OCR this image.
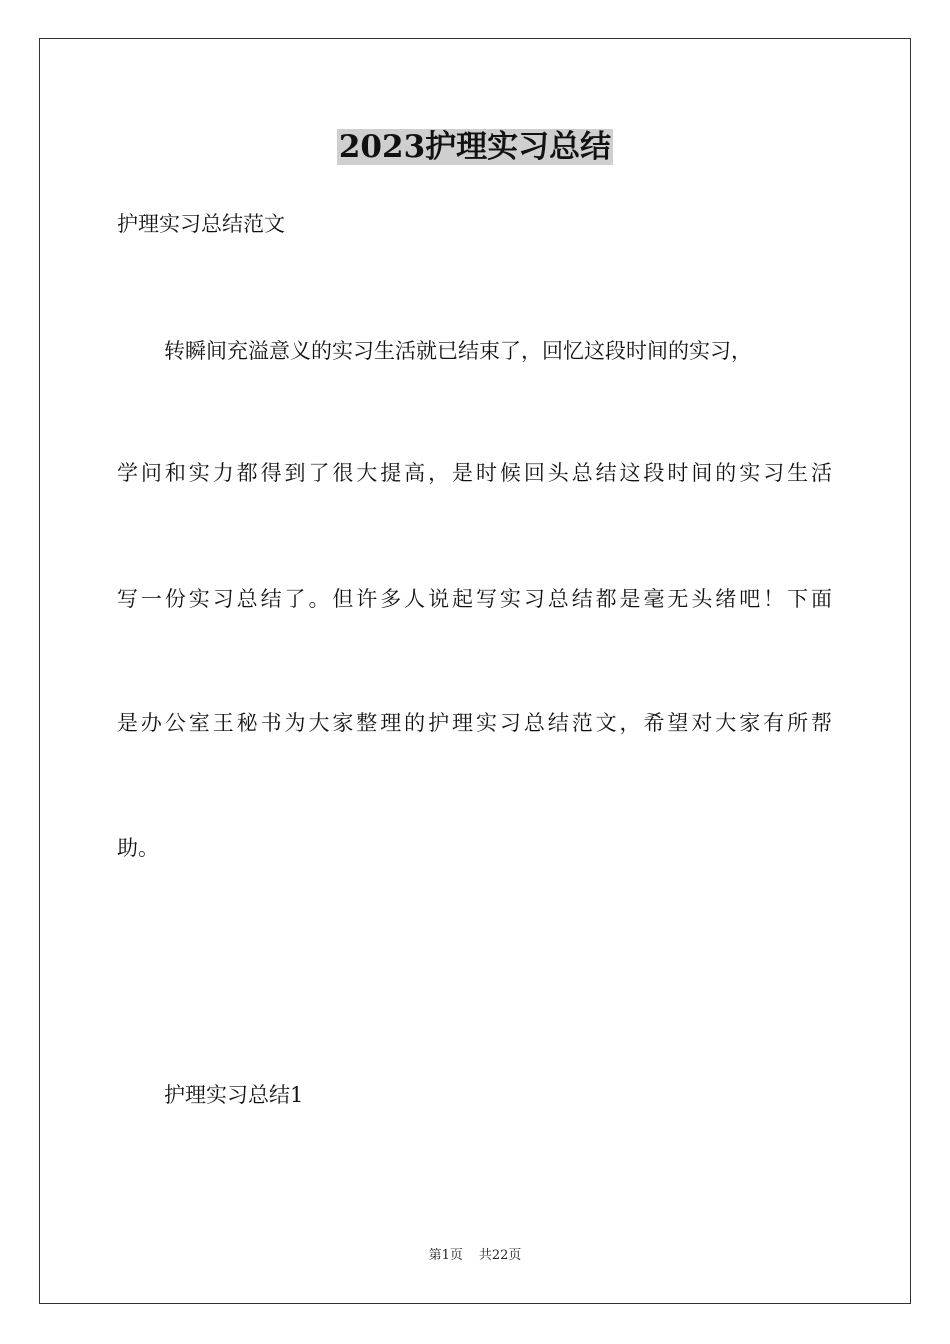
2023护理实习总结

护理实习总结范文

转瞬间充溢意义的实习生活就已结束了，回忆这段时间的实习，

学问和实力都得到了很大提高，是时候回头总结这段时间的实习生活

写一份实习总结了。但许多人说起写实习总结都是毫无头绪吧！下面

是办公室王秘书为大家整理的护理实习总结范文，希望对大家有所帮

助。

护理实习总结1

第1页 共22页
